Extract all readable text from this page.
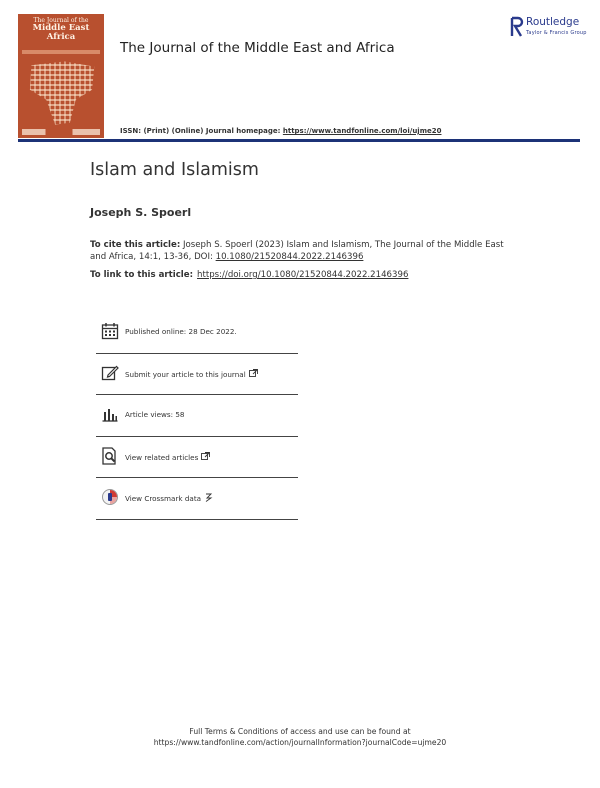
The Journal of the
Middle East
Africa
The Journal of the Middle East and Africa
Routledge
Taylor & Francis Group
ISSN: (Print) (Online) Journal homepage: https://www.tandfonline.com/loi/ujme20
Islam and Islamism
Joseph S. Spoerl
To cite this article: Joseph S. Spoerl (2023) Islam and Islamism, The Journal of the Middle East and Africa, 14:1, 13-36, DOI: 10.1080/21520844.2022.2146396
To link to this article: https://doi.org/10.1080/21520844.2022.2146396
Published online: 28 Dec 2022.
Submit your article to this journal
Article views: 58
View related articles
View Crossmark data
Full Terms & Conditions of access and use can be found at
https://www.tandfonline.com/action/journalInformation?journalCode=ujme20
